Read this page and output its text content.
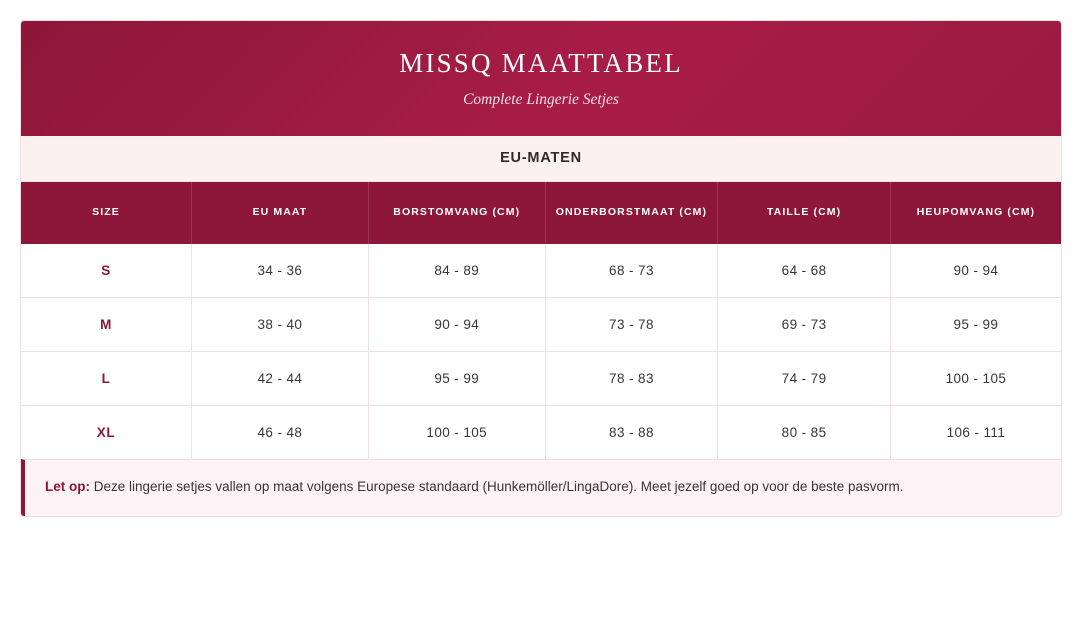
MISSQ MAATTABEL
Complete Lingerie Setjes
EU-MATEN
SIZE	EU MAAT	BORSTOMVANG (CM)	ONDERBORSTMAAT (CM)	TAILLE (CM)	HEUPOMVANG (CM)
S	34 - 36	84 - 89	68 - 73	64 - 68	90 - 94
M	38 - 40	90 - 94	73 - 78	69 - 73	95 - 99
L	42 - 44	95 - 99	78 - 83	74 - 79	100 - 105
XL	46 - 48	100 - 105	83 - 88	80 - 85	106 - 111
Let op: Deze lingerie setjes vallen op maat volgens Europese standaard (Hunkemöller/LingaDore). Meet jezelf goed op voor de beste pasvorm.
